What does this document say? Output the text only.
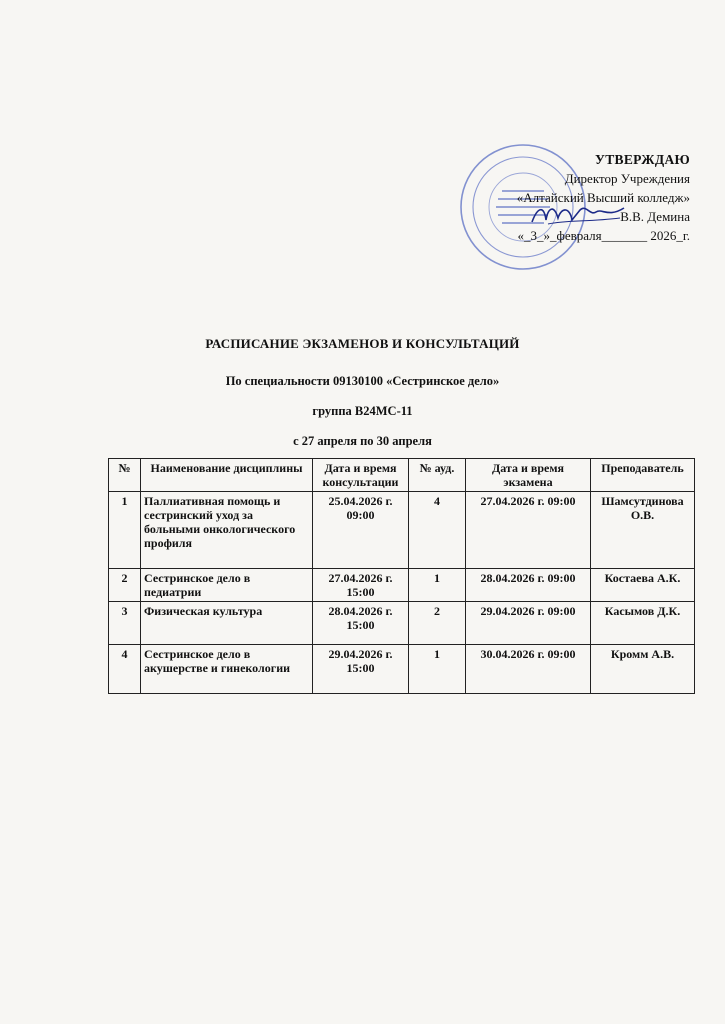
УТВЕРЖДАЮ
Директор Учреждения
«Алтайский Высший колледж»
В.В. Демина
«_3_»_февраля_______ 2026_г.
РАСПИСАНИЕ ЭКЗАМЕНОВ И КОНСУЛЬТАЦИЙ
По специальности 09130100 «Сестринское дело»
группа В24МС-11
с 27 апреля по 30 апреля
№	Наименование дисциплины	Дата и время консультации	№ ауд.	Дата и время экзамена	Преподаватель
1	Паллиативная помощь и сестринский уход за больными онкологического профиля	25.04.2026 г. 09:00	4	27.04.2026 г. 09:00	Шамсутдинова О.В.
2	Сестринское дело в педиатрии	27.04.2026 г. 15:00	1	28.04.2026 г. 09:00	Костаева А.К.
3	Физическая культура	28.04.2026 г. 15:00	2	29.04.2026 г. 09:00	Касымов Д.К.
4	Сестринское дело в акушерстве и гинекологии	29.04.2026 г. 15:00	1	30.04.2026 г. 09:00	Кромм А.В.
